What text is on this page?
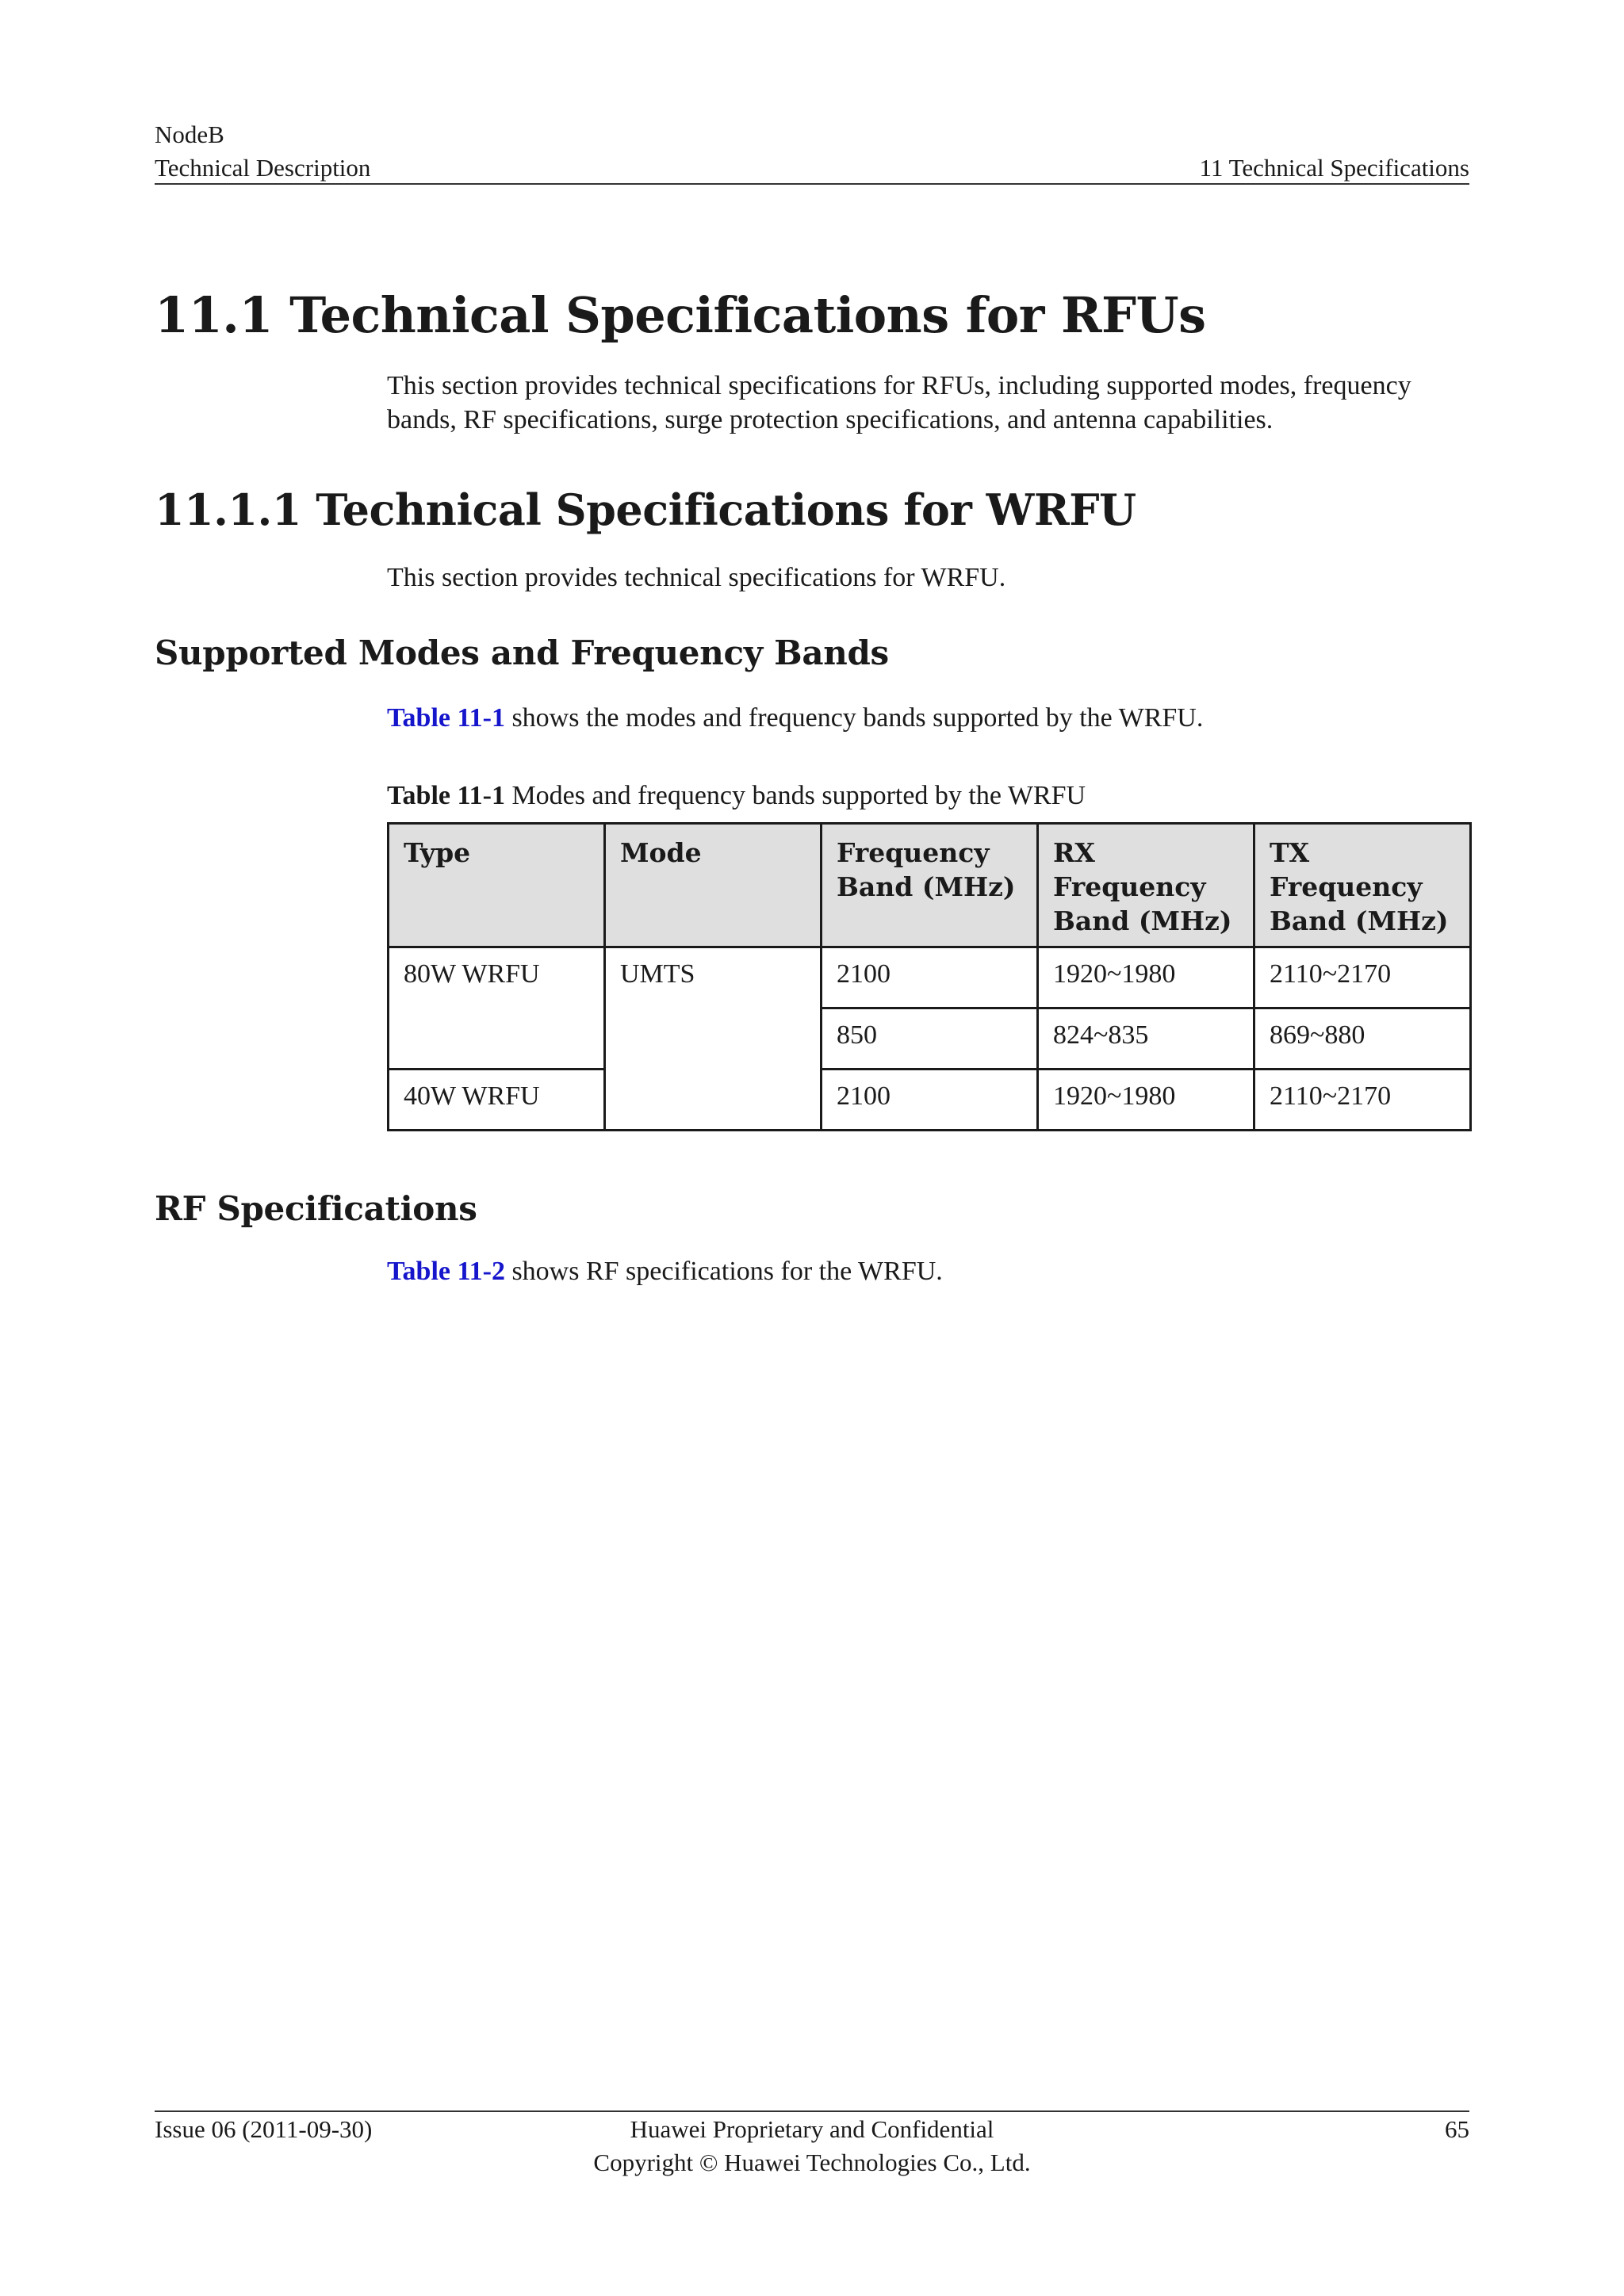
NodeB
Technical Description	11 Technical Specifications
11.1 Technical Specifications for RFUs
This section provides technical specifications for RFUs, including supported modes, frequency bands, RF specifications, surge protection specifications, and antenna capabilities.
11.1.1 Technical Specifications for WRFU
This section provides technical specifications for WRFU.
Supported Modes and Frequency Bands
Table 11-1 shows the modes and frequency bands supported by the WRFU.
Table 11-1 Modes and frequency bands supported by the WRFU
Type	Mode	Frequency Band (MHz)	RX Frequency Band (MHz)	TX Frequency Band (MHz)
80W WRFU	UMTS	2100	1920~1980	2110~2170
		850	824~835	869~880
40W WRFU		2100	1920~1980	2110~2170
RF Specifications
Table 11-2 shows RF specifications for the WRFU.
Issue 06 (2011-09-30)	Huawei Proprietary and Confidential
Copyright © Huawei Technologies Co., Ltd.
65
